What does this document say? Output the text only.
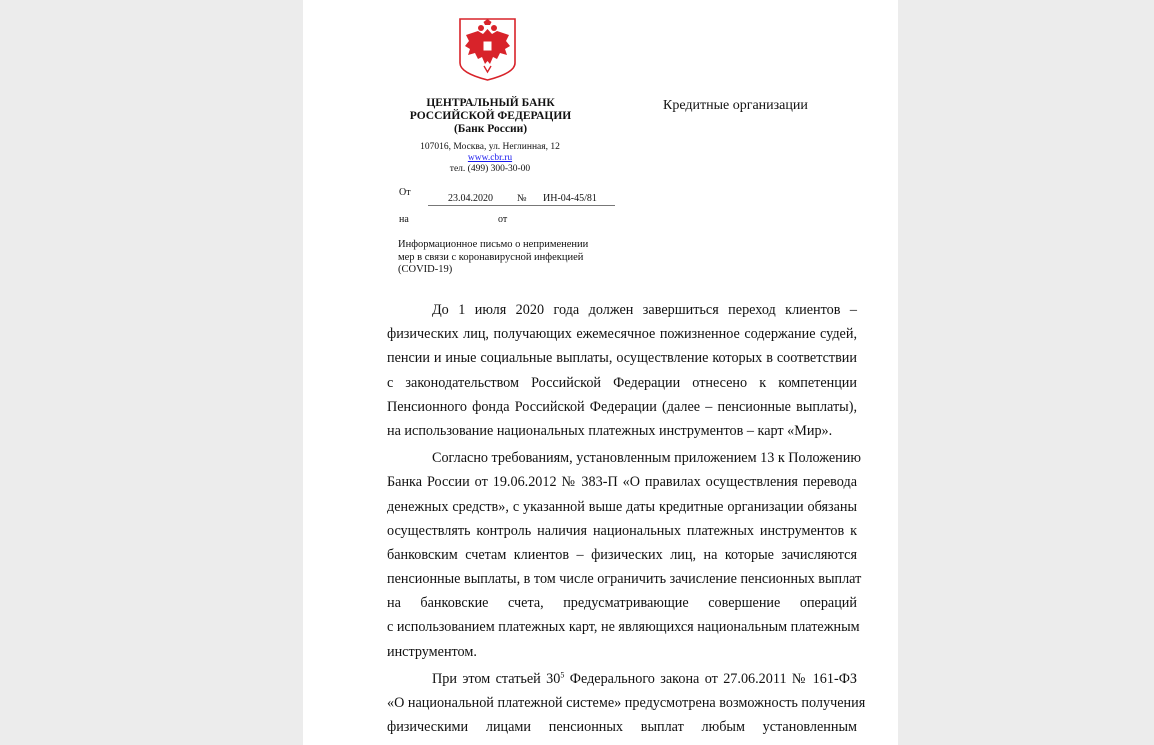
ЦЕНТРАЛЬНЫЙ БАНК
РОССИЙСКОЙ ФЕДЕРАЦИИ
(Банк России)
107016, Москва, ул. Неглинная, 12
www.cbr.ru
тел. (499) 300-30-00
Кредитные организации
От
23.04.2020 № ИН-04-45/81
на	от
Информационное письмо о неприменении
мер в связи с коронавирусной инфекцией
(COVID-19)
До 1 июля 2020 года должен завершиться переход клиентов –
физических лиц, получающих ежемесячное пожизненное содержание судей,
пенсии и иные социальные выплаты, осуществление которых в соответствии
с законодательством Российской Федерации отнесено к компетенции
Пенсионного фонда Российской Федерации (далее – пенсионные выплаты),
на использование национальных платежных инструментов – карт «Мир».
Согласно требованиям, установленным приложением 13 к Положению
Банка России от 19.06.2012 № 383-П «О правилах осуществления перевода
денежных средств», с указанной выше даты кредитные организации обязаны
осуществлять контроль наличия национальных платежных инструментов к
банковским счетам клиентов – физических лиц, на которые зачисляются
пенсионные выплаты, в том числе ограничить зачисление пенсионных выплат
на банковские счета, предусматривающие совершение операций
с использованием платежных карт, не являющихся национальным платежным
инструментом.
При этом статьей $30^5$ Федерального закона от 27.06.2011 № 161-ФЗ
«О национальной платежной системе» предусмотрена возможность получения
физическими лицами пенсионных выплат любым установленным
